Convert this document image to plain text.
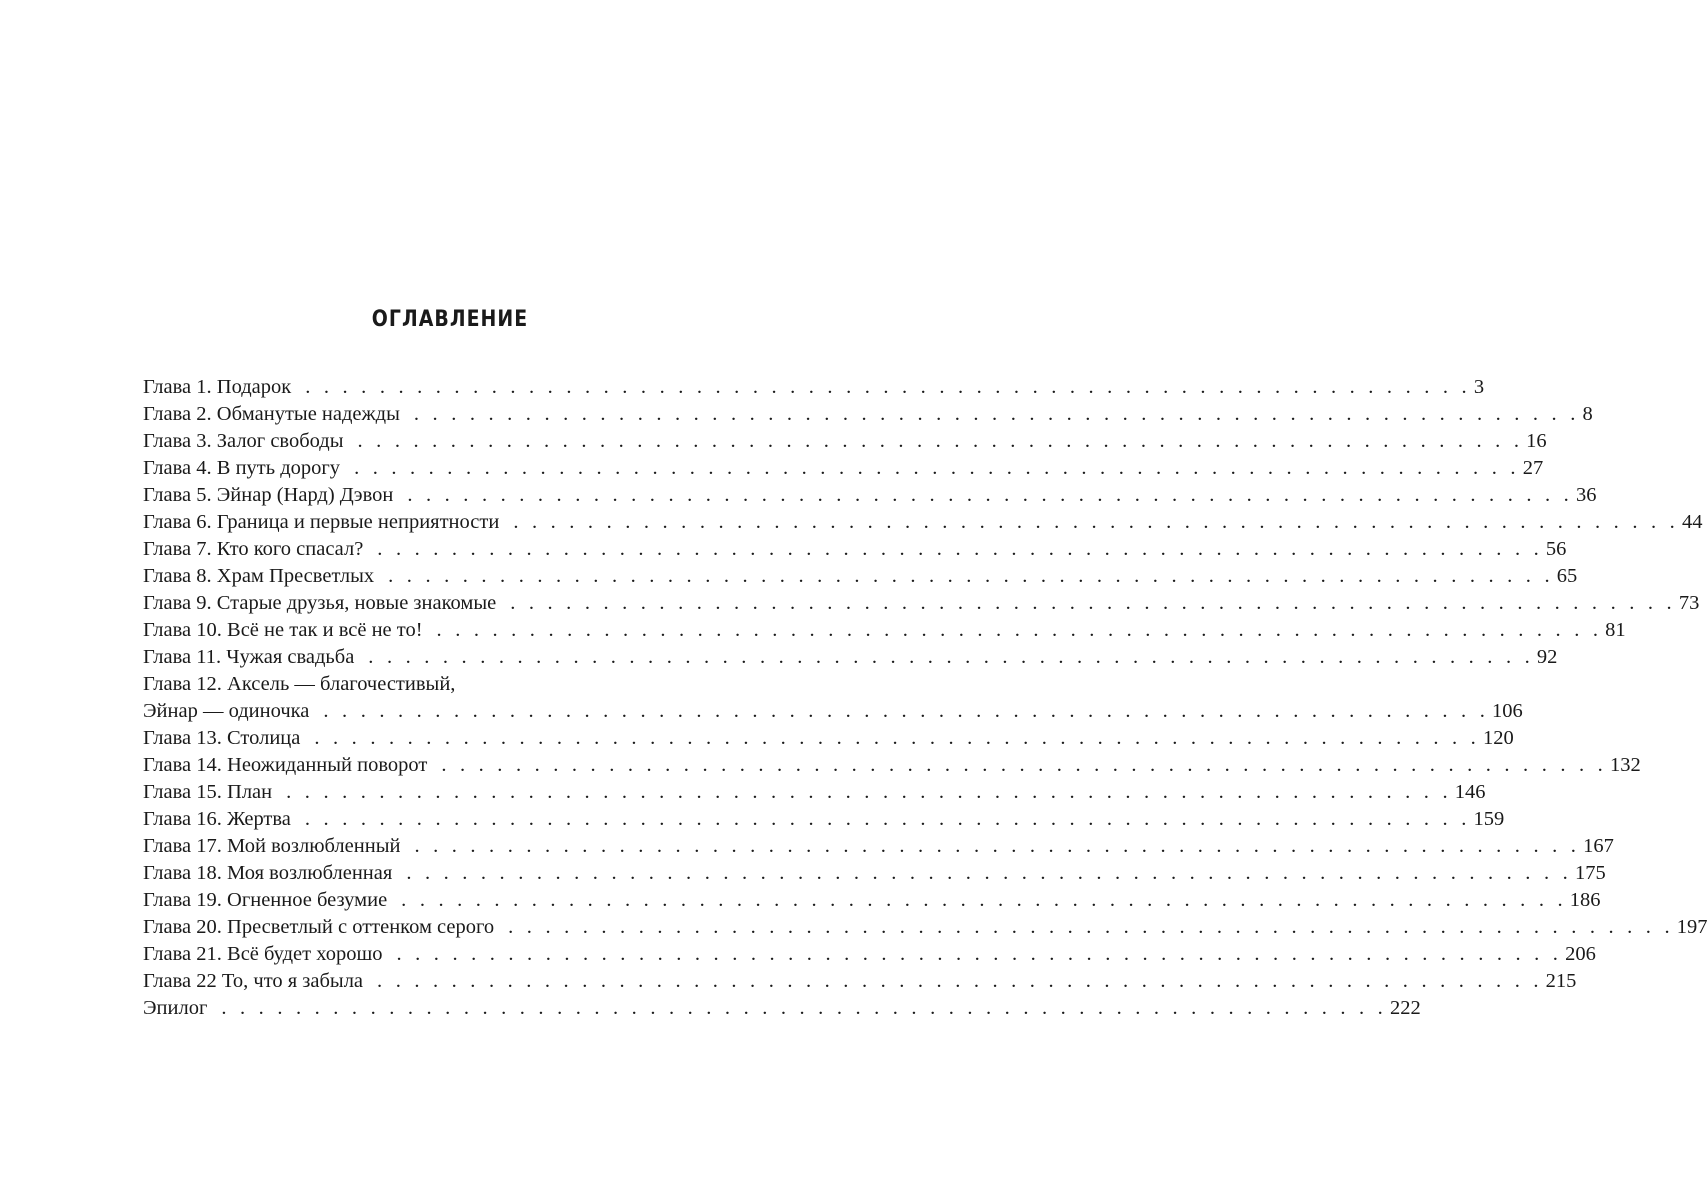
ОГЛАВЛЕНИЕ
Глава 1. Подарок . . . . . . . . . . . . . . . . . . . . . . . . . . . . . . . . . . . . . . . . . . . . . . . . . . . . . . . . . . . . . . . 3
Глава 2. Обманутые надежды . . . . . . . . . . . . . . . . . . . . . . . . . . . . . . . . . . . . . . . . . . . . . . . . . . . . . . . . . . . . . . . 8
Глава 3. Залог свободы . . . . . . . . . . . . . . . . . . . . . . . . . . . . . . . . . . . . . . . . . . . . . . . . . . . . . . . . . . . . . . . 16
Глава 4. В путь дорогу . . . . . . . . . . . . . . . . . . . . . . . . . . . . . . . . . . . . . . . . . . . . . . . . . . . . . . . . . . . . . . . 27
Глава 5. Эйнар (Нард) Дэвон . . . . . . . . . . . . . . . . . . . . . . . . . . . . . . . . . . . . . . . . . . . . . . . . . . . . . . . . . . . . . . . 36
Глава 6. Граница и первые неприятности . . . . . . . . . . . . . . . . . . . . . . . . . . . . . . . . . . . . . . . . . . . . . . . . . . . . . . . . . . . . . . . 44
Глава 7. Кто кого спасал? . . . . . . . . . . . . . . . . . . . . . . . . . . . . . . . . . . . . . . . . . . . . . . . . . . . . . . . . . . . . . . . 56
Глава 8. Храм Пресветлых . . . . . . . . . . . . . . . . . . . . . . . . . . . . . . . . . . . . . . . . . . . . . . . . . . . . . . . . . . . . . . . 65
Глава 9. Старые друзья, новые знакомые . . . . . . . . . . . . . . . . . . . . . . . . . . . . . . . . . . . . . . . . . . . . . . . . . . . . . . . . . . . . . . . 73
Глава 10. Всё не так и всё не то! . . . . . . . . . . . . . . . . . . . . . . . . . . . . . . . . . . . . . . . . . . . . . . . . . . . . . . . . . . . . . . . 81
Глава 11. Чужая свадьба . . . . . . . . . . . . . . . . . . . . . . . . . . . . . . . . . . . . . . . . . . . . . . . . . . . . . . . . . . . . . . . 92
Глава 12. Аксель — благочестивый,
Эйнар — одиночка . . . . . . . . . . . . . . . . . . . . . . . . . . . . . . . . . . . . . . . . . . . . . . . . . . . . . . . . . . . . . . . 106
Глава 13. Столица . . . . . . . . . . . . . . . . . . . . . . . . . . . . . . . . . . . . . . . . . . . . . . . . . . . . . . . . . . . . . . . 120
Глава 14. Неожиданный поворот . . . . . . . . . . . . . . . . . . . . . . . . . . . . . . . . . . . . . . . . . . . . . . . . . . . . . . . . . . . . . . . 132
Глава 15. План . . . . . . . . . . . . . . . . . . . . . . . . . . . . . . . . . . . . . . . . . . . . . . . . . . . . . . . . . . . . . . . 146
Глава 16. Жертва . . . . . . . . . . . . . . . . . . . . . . . . . . . . . . . . . . . . . . . . . . . . . . . . . . . . . . . . . . . . . . . 159
Глава 17. Мой возлюбленный . . . . . . . . . . . . . . . . . . . . . . . . . . . . . . . . . . . . . . . . . . . . . . . . . . . . . . . . . . . . . . . 167
Глава 18. Моя возлюбленная . . . . . . . . . . . . . . . . . . . . . . . . . . . . . . . . . . . . . . . . . . . . . . . . . . . . . . . . . . . . . . . 175
Глава 19. Огненное безумие . . . . . . . . . . . . . . . . . . . . . . . . . . . . . . . . . . . . . . . . . . . . . . . . . . . . . . . . . . . . . . . 186
Глава 20. Пресветлый с оттенком серого . . . . . . . . . . . . . . . . . . . . . . . . . . . . . . . . . . . . . . . . . . . . . . . . . . . . . . . . . . . . . . . 197
Глава 21. Всё будет хорошо . . . . . . . . . . . . . . . . . . . . . . . . . . . . . . . . . . . . . . . . . . . . . . . . . . . . . . . . . . . . . . . 206
Глава 22 То, что я забыла . . . . . . . . . . . . . . . . . . . . . . . . . . . . . . . . . . . . . . . . . . . . . . . . . . . . . . . . . . . . . . . 215
Эпилог . . . . . . . . . . . . . . . . . . . . . . . . . . . . . . . . . . . . . . . . . . . . . . . . . . . . . . . . . . . . . . . 222
